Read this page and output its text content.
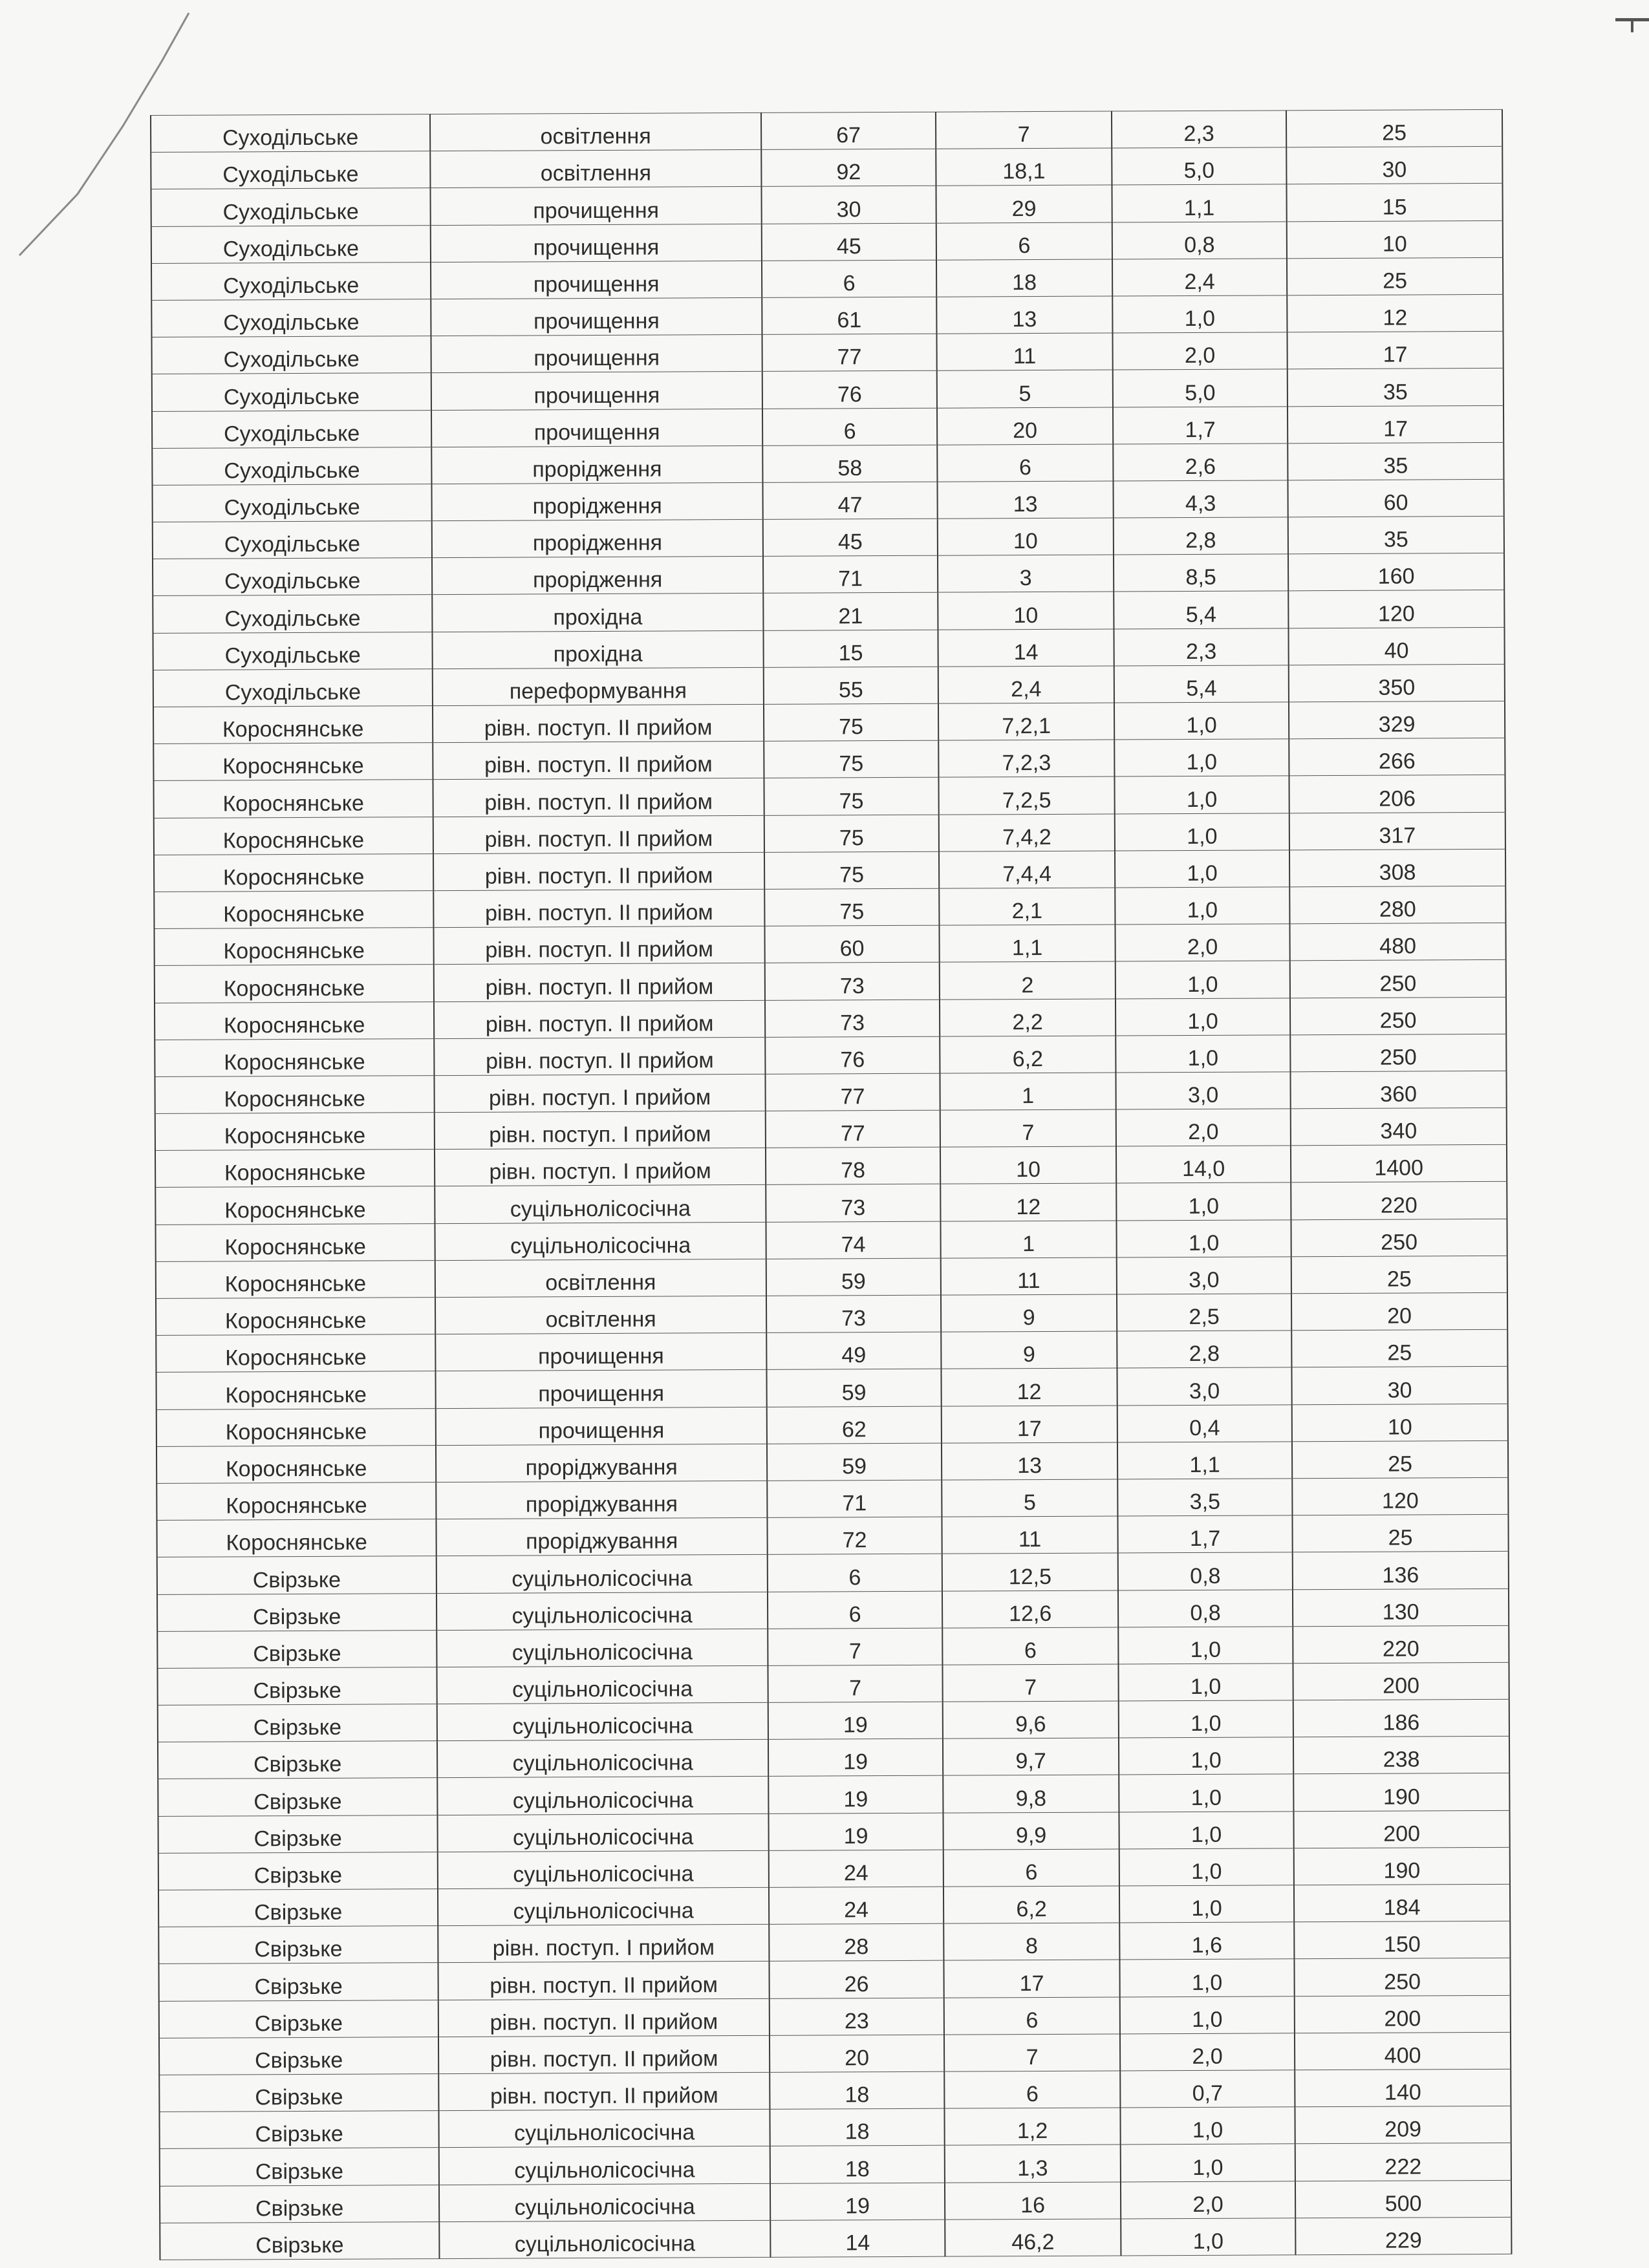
Суходільське	освітлення	67	7	2,3	25
Суходільське	освітлення	92	18,1	5,0	30
Суходільське	прочищення	30	29	1,1	15
Суходільське	прочищення	45	6	0,8	10
Суходільське	прочищення	6	18	2,4	25
Суходільське	прочищення	61	13	1,0	12
Суходільське	прочищення	77	11	2,0	17
Суходільське	прочищення	76	5	5,0	35
Суходільське	прочищення	6	20	1,7	17
Суходільське	прорідження	58	6	2,6	35
Суходільське	прорідження	47	13	4,3	60
Суходільське	прорідження	45	10	2,8	35
Суходільське	прорідження	71	3	8,5	160
Суходільське	прохідна	21	10	5,4	120
Суходільське	прохідна	15	14	2,3	40
Суходільське	переформування	55	2,4	5,4	350
Короснянське	рівн. поступ. II прийом	75	7,2,1	1,0	329
Короснянське	рівн. поступ. II прийом	75	7,2,3	1,0	266
Короснянське	рівн. поступ. II прийом	75	7,2,5	1,0	206
Короснянське	рівн. поступ. II прийом	75	7,4,2	1,0	317
Короснянське	рівн. поступ. II прийом	75	7,4,4	1,0	308
Короснянське	рівн. поступ. II прийом	75	2,1	1,0	280
Короснянське	рівн. поступ. II прийом	60	1,1	2,0	480
Короснянське	рівн. поступ. II прийом	73	2	1,0	250
Короснянське	рівн. поступ. II прийом	73	2,2	1,0	250
Короснянське	рівн. поступ. II прийом	76	6,2	1,0	250
Короснянське	рівн. поступ. I прийом	77	1	3,0	360
Короснянське	рівн. поступ. I прийом	77	7	2,0	340
Короснянське	рівн. поступ. I прийом	78	10	14,0	1400
Короснянське	суцільнолісосічна	73	12	1,0	220
Короснянське	суцільнолісосічна	74	1	1,0	250
Короснянське	освітлення	59	11	3,0	25
Короснянське	освітлення	73	9	2,5	20
Короснянське	прочищення	49	9	2,8	25
Короснянське	прочищення	59	12	3,0	30
Короснянське	прочищення	62	17	0,4	10
Короснянське	проріджування	59	13	1,1	25
Короснянське	проріджування	71	5	3,5	120
Короснянське	проріджування	72	11	1,7	25
Свірзьке	суцільнолісосічна	6	12,5	0,8	136
Свірзьке	суцільнолісосічна	6	12,6	0,8	130
Свірзьке	суцільнолісосічна	7	6	1,0	220
Свірзьке	суцільнолісосічна	7	7	1,0	200
Свірзьке	суцільнолісосічна	19	9,6	1,0	186
Свірзьке	суцільнолісосічна	19	9,7	1,0	238
Свірзьке	суцільнолісосічна	19	9,8	1,0	190
Свірзьке	суцільнолісосічна	19	9,9	1,0	200
Свірзьке	суцільнолісосічна	24	6	1,0	190
Свірзьке	суцільнолісосічна	24	6,2	1,0	184
Свірзьке	рівн. поступ. I прийом	28	8	1,6	150
Свірзьке	рівн. поступ. II прийом	26	17	1,0	250
Свірзьке	рівн. поступ. II прийом	23	6	1,0	200
Свірзьке	рівн. поступ. II прийом	20	7	2,0	400
Свірзьке	рівн. поступ. II прийом	18	6	0,7	140
Свірзьке	суцільнолісосічна	18	1,2	1,0	209
Свірзьке	суцільнолісосічна	18	1,3	1,0	222
Свірзьке	суцільнолісосічна	19	16	2,0	500
Свірзьке	суцільнолісосічна	14	46,2	1,0	229
